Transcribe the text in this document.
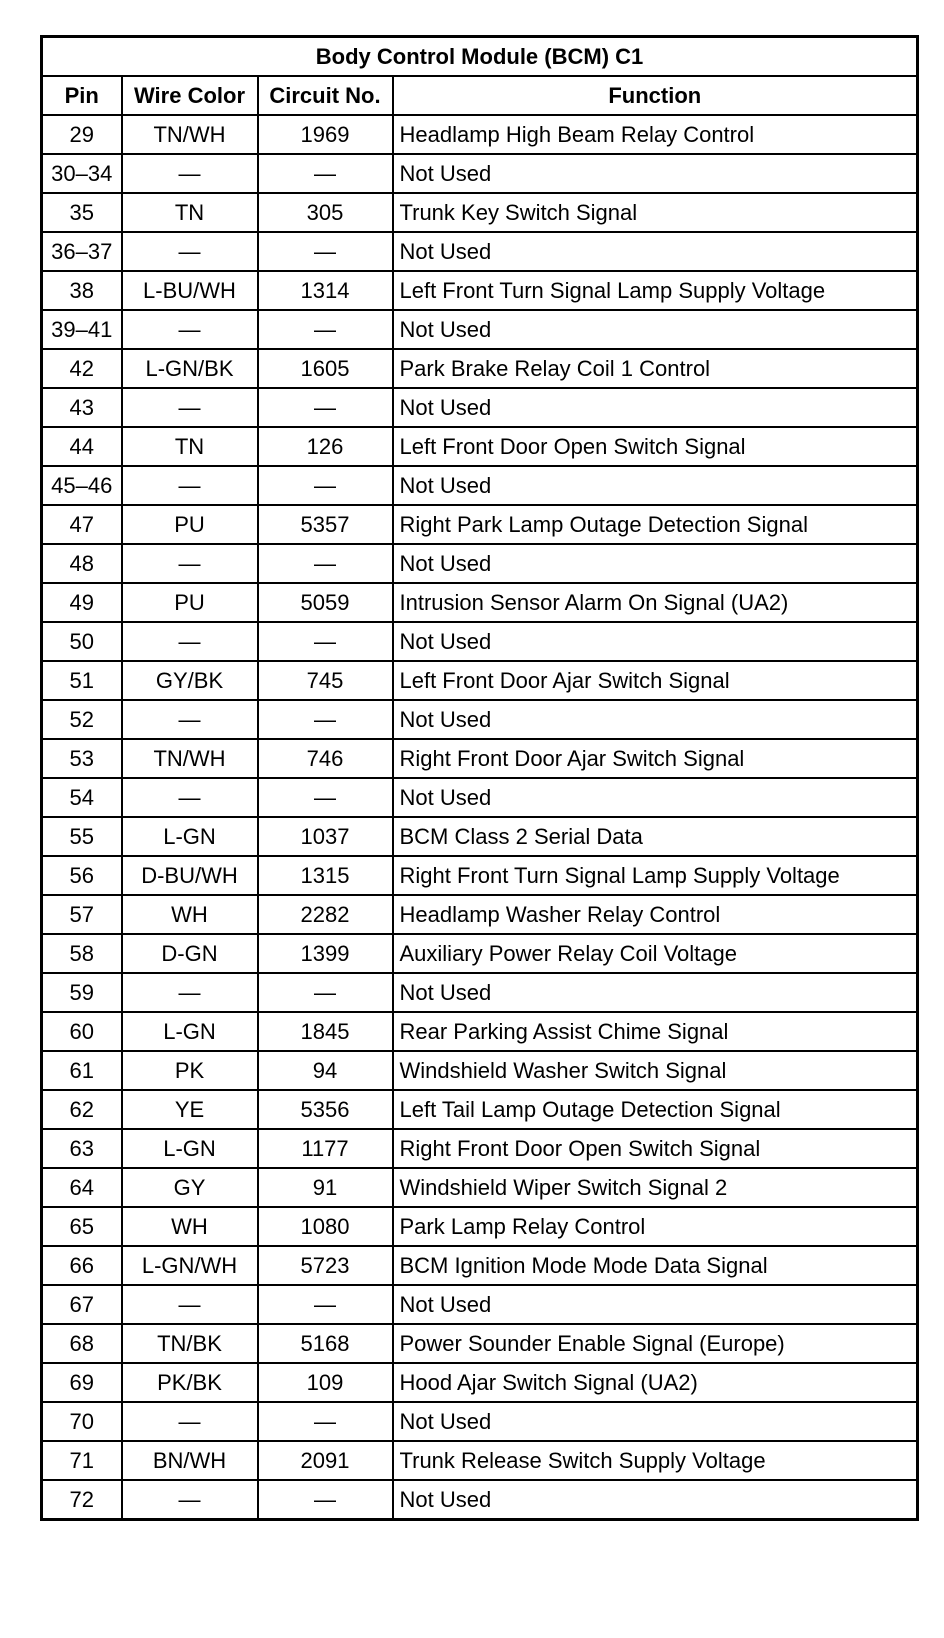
Body Control Module (BCM) C1			
Pin	Wire Color	Circuit No.	Function
29	TN/WH	1969	Headlamp High Beam Relay Control
30–34	—	—	Not Used
35	TN	305	Trunk Key Switch Signal
36–37	—	—	Not Used
38	L-BU/WH	1314	Left Front Turn Signal Lamp Supply Voltage
39–41	—	—	Not Used
42	L-GN/BK	1605	Park Brake Relay Coil 1 Control
43	—	—	Not Used
44	TN	126	Left Front Door Open Switch Signal
45–46	—	—	Not Used
47	PU	5357	Right Park Lamp Outage Detection Signal
48	—	—	Not Used
49	PU	5059	Intrusion Sensor Alarm On Signal (UA2)
50	—	—	Not Used
51	GY/BK	745	Left Front Door Ajar Switch Signal
52	—	—	Not Used
53	TN/WH	746	Right Front Door Ajar Switch Signal
54	—	—	Not Used
55	L-GN	1037	BCM Class 2 Serial Data
56	D-BU/WH	1315	Right Front Turn Signal Lamp Supply Voltage
57	WH	2282	Headlamp Washer Relay Control
58	D-GN	1399	Auxiliary Power Relay Coil Voltage
59	—	—	Not Used
60	L-GN	1845	Rear Parking Assist Chime Signal
61	PK	94	Windshield Washer Switch Signal
62	YE	5356	Left Tail Lamp Outage Detection Signal
63	L-GN	1177	Right Front Door Open Switch Signal
64	GY	91	Windshield Wiper Switch Signal 2
65	WH	1080	Park Lamp Relay Control
66	L-GN/WH	5723	BCM Ignition Mode Mode Data Signal
67	—	—	Not Used
68	TN/BK	5168	Power Sounder Enable Signal (Europe)
69	PK/BK	109	Hood Ajar Switch Signal (UA2)
70	—	—	Not Used
71	BN/WH	2091	Trunk Release Switch Supply Voltage
72	—	—	Not Used
